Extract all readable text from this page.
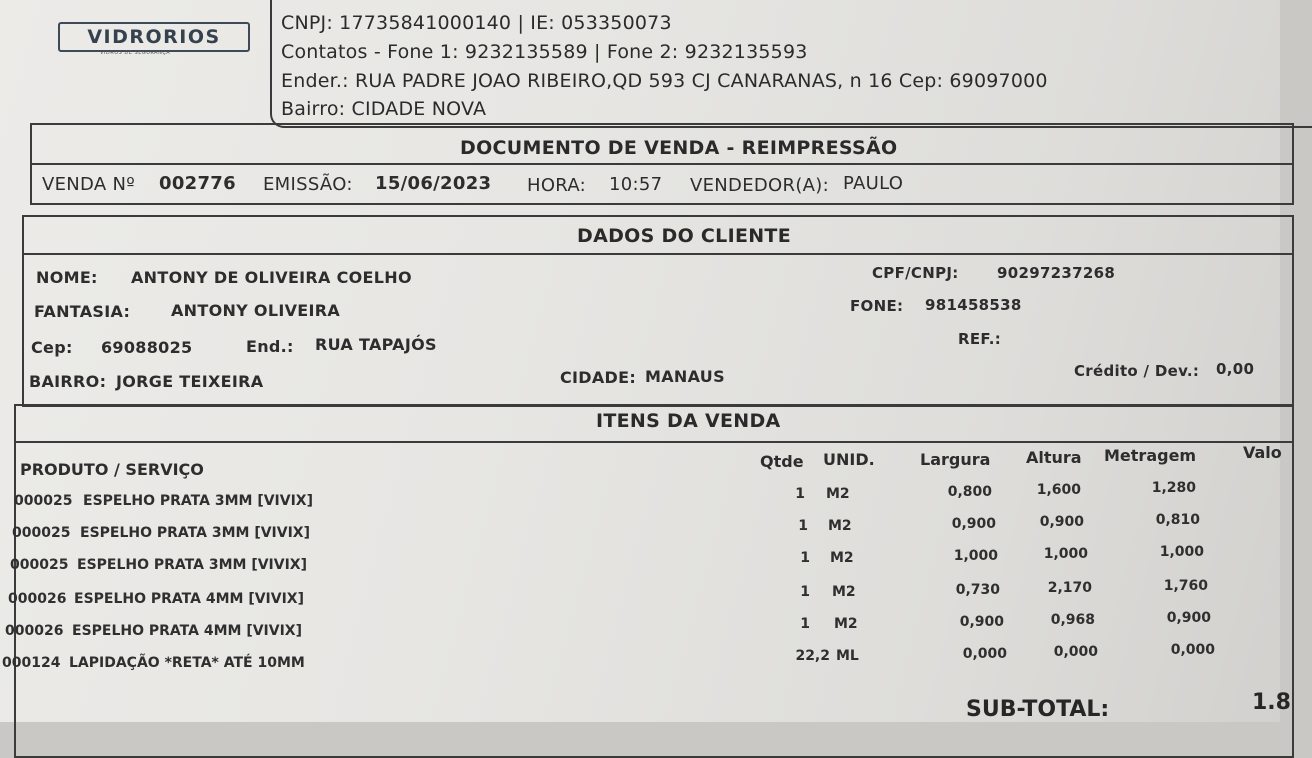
VIDRORIOS
VIDROS DE SEGURANÇA
CNPJ: 17735841000140 | IE: 053350073
Contatos - Fone 1: 9232135589 | Fone 2: 9232135593
Ender.: RUA PADRE JOAO RIBEIRO,QD 593 CJ CANARANAS, n 16 Cep: 69097000
Bairro: CIDADE NOVA
DOCUMENTO DE VENDA - REIMPRESSÃO
VENDA Nº 002776 EMISSÃO: 15/06/2023 HORA: 10:57 VENDEDOR(A): PAULO
DADOS DO CLIENTE
NOME: ANTONY DE OLIVEIRA COELHO
FANTASIA:	ANTONY OLIVEIRA
Cep: 69088025	End.: RUA TAPAJÓS
BAIRRO: JORGE TEIXEIRA	CIDADE: MANAUS
CPF/CNPJ:	90297237268
FONE: 981458538
REF.:
Crédito / Dev.: 0,00
ITENS DA VENDA
PRODUTO / SERVIÇO	Qtde UNID.	Largura Altura Metragem	Valo
000025 ESPELHO PRATA 3MM [VIVIX]	1 M2	0,800	1,600	1,280
000025 ESPELHO PRATA 3MM [VIVIX]	1 M2	0,900	0,900	0,810
000025 ESPELHO PRATA 3MM [VIVIX]	1 M2	1,000	1,000	1,000
000026 ESPELHO PRATA 4MM [VIVIX]	1 M2	0,730	2,170	1,760
000026 ESPELHO PRATA 4MM [VIVIX]	1 M2	0,900	0,968	0,900
000124 LAPIDAÇÃO *RETA* ATÉ 10MM	22,2 ML	0,000	0,000	0,000
SUB-TOTAL:	1.8
